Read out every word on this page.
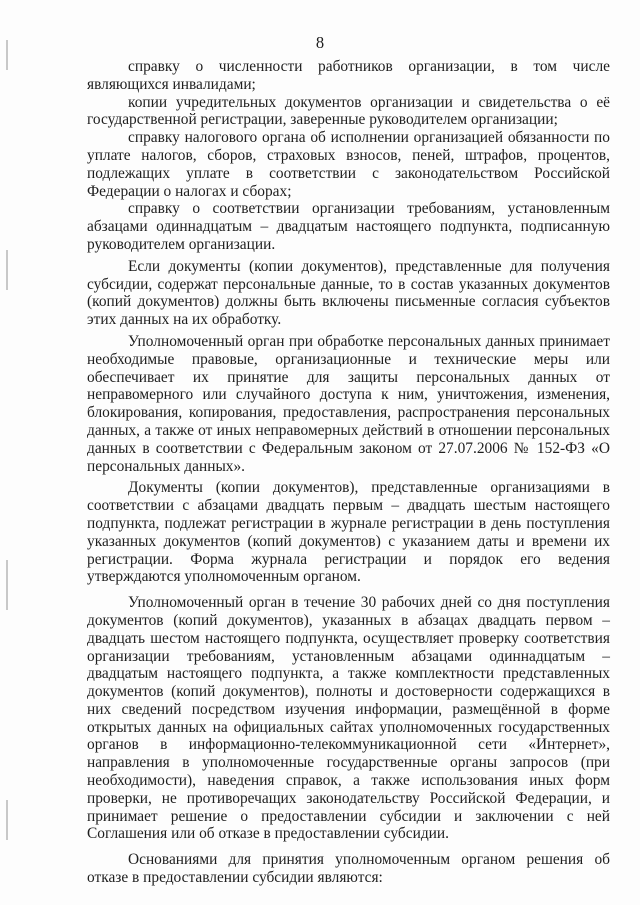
8

справку о численности работников организации, в том числе являющихся инвалидами;

копии учредительных документов организации и свидетельства о её государственной регистрации, заверенные руководителем организации;

справку налогового органа об исполнении организацией обязанности по уплате налогов, сборов, страховых взносов, пеней, штрафов, процентов, подлежащих уплате в соответствии с законодательством Российской Федерации о налогах и сборах;

справку о соответствии организации требованиям, установленным абзацами одиннадцатым – двадцатым настоящего подпункта, подписанную руководителем организации.

Если документы (копии документов), представленные для получения субсидии, содержат персональные данные, то в состав указанных документов (копий документов) должны быть включены письменные согласия субъектов этих данных на их обработку.

Уполномоченный орган при обработке персональных данных принимает необходимые правовые, организационные и технические меры или обеспечивает их принятие для защиты персональных данных от неправомерного или случайного доступа к ним, уничтожения, изменения, блокирования, копирования, предоставления, распространения персональных данных, а также от иных неправомерных действий в отношении персональных данных в соответствии с Федеральным законом от 27.07.2006 № 152-ФЗ «О персональных данных».

Документы (копии документов), представленные организациями в соответствии с абзацами двадцать первым – двадцать шестым настоящего подпункта, подлежат регистрации в журнале регистрации в день поступления указанных документов (копий документов) с указанием даты и времени их регистрации. Форма журнала регистрации и порядок его ведения утверждаются уполномоченным органом.

Уполномоченный орган в течение 30 рабочих дней со дня поступления документов (копий документов), указанных в абзацах двадцать первом – двадцать шестом настоящего подпункта, осуществляет проверку соответствия организации требованиям, установленным абзацами одиннадцатым – двадцатым настоящего подпункта, а также комплектности представленных документов (копий документов), полноты и достоверности содержащихся в них сведений посредством изучения информации, размещённой в форме открытых данных на официальных сайтах уполномоченных государственных органов в информационно-телекоммуникационной сети «Интернет», направления в уполномоченные государственные органы запросов (при необходимости), наведения справок, а также использования иных форм проверки, не противоречащих законодательству Российской Федерации, и принимает решение о предоставлении субсидии и заключении с ней Соглашения или об отказе в предоставлении субсидии.

Основаниями для принятия уполномоченным органом решения об отказе в предоставлении субсидии являются:
